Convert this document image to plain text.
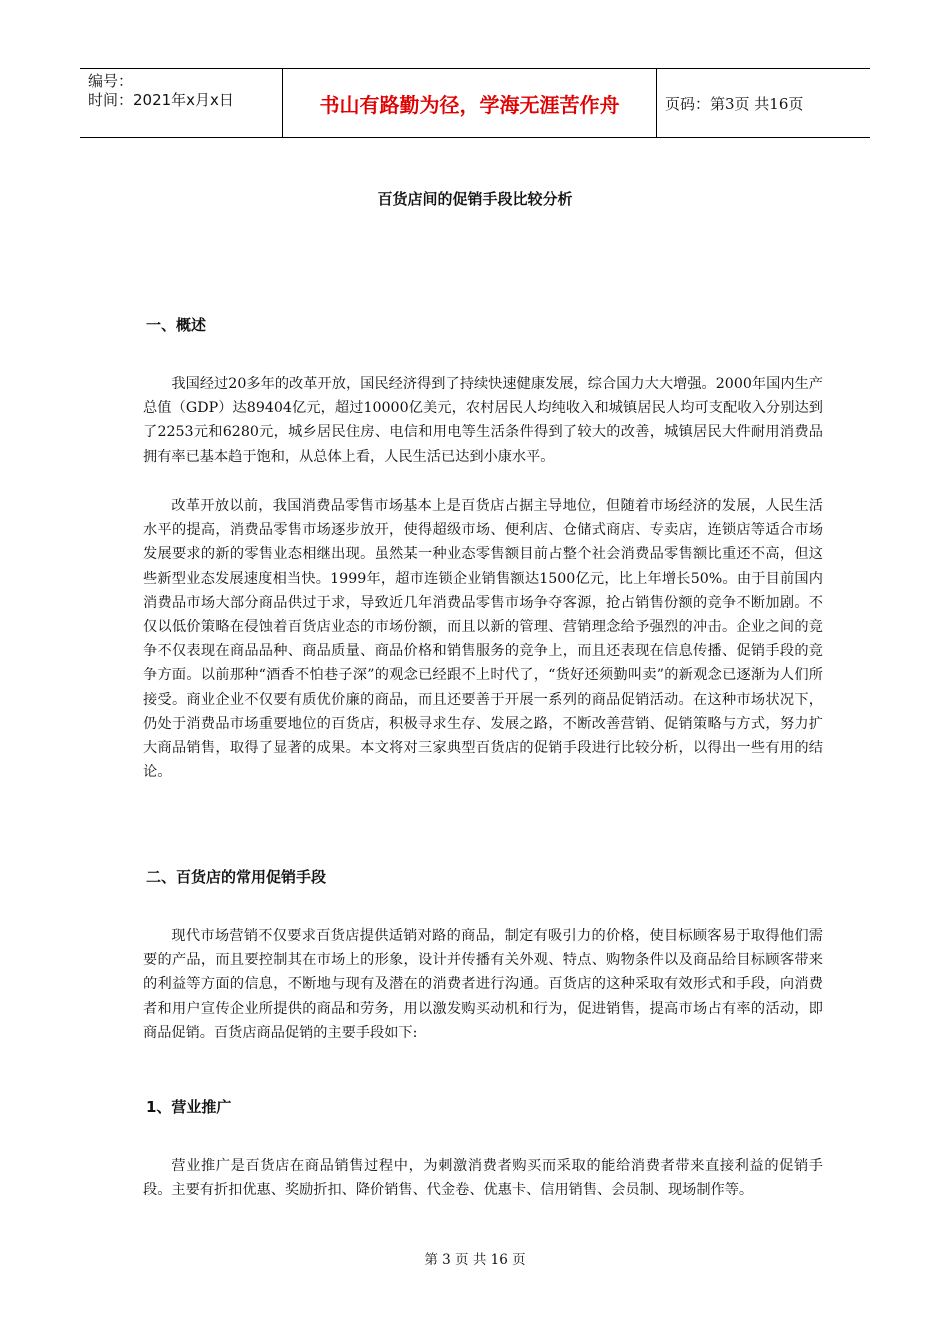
编号：
时间：2021年x月x日	书山有路勤为径，学海无涯苦作舟	页码：第3页 共16页
百货店间的促销手段比较分析
一、概述

我国经过20多年的改革开放，国民经济得到了持续快速健康发展，综合国力大大增强。2000年国内生产总值（GDP）达89404亿元，超过10000亿美元，农村居民人均纯收入和城镇居民人均可支配收入分别达到了2253元和6280元，城乡居民住房、电信和用电等生活条件得到了较大的改善，城镇居民大件耐用消费品拥有率已基本趋于饱和，从总体上看，人民生活已达到小康水平。

改革开放以前，我国消费品零售市场基本上是百货店占据主导地位，但随着市场经济的发展，人民生活水平的提高，消费品零售市场逐步放开，使得超级市场、便利店、仓储式商店、专卖店，连锁店等适合市场发展要求的新的零售业态相继出现。虽然某一种业态零售额目前占整个社会消费品零售额比重还不高，但这些新型业态发展速度相当快。1999年，超市连锁企业销售额达1500亿元，比上年增长50%。由于目前国内消费品市场大部分商品供过于求，导致近几年消费品零售市场争夺客源，抢占销售份额的竞争不断加剧。不仅以低价策略在侵蚀着百货店业态的市场份额，而且以新的管理、营销理念给予强烈的冲击。企业之间的竞争不仅表现在商品品种、商品质量、商品价格和销售服务的竞争上，而且还表现在信息传播、促销手段的竞争方面。以前那种“酒香不怕巷子深”的观念已经跟不上时代了，“货好还须勤叫卖”的新观念已逐渐为人们所接受。商业企业不仅要有质优价廉的商品，而且还要善于开展一系列的商品促销活动。在这种市场状况下，仍处于消费品市场重要地位的百货店，积极寻求生存、发展之路，不断改善营销、促销策略与方式，努力扩大商品销售，取得了显著的成果。本文将对三家典型百货店的促销手段进行比较分析，以得出一些有用的结论。

二、百货店的常用促销手段

现代市场营销不仅要求百货店提供适销对路的商品，制定有吸引力的价格，使目标顾客易于取得他们需要的产品，而且要控制其在市场上的形象，设计并传播有关外观、特点、购物条件以及商品给目标顾客带来的利益等方面的信息，不断地与现有及潜在的消费者进行沟通。百货店的这种采取有效形式和手段，向消费者和用户宣传企业所提供的商品和劳务，用以激发购买动机和行为，促进销售，提高市场占有率的活动，即商品促销。百货店商品促销的主要手段如下:

1、营业推广

营业推广是百货店在商品销售过程中，为刺激消费者购买而采取的能给消费者带来直接利益的促销手段。主要有折扣优惠、奖励折扣、降价销售、代金卷、优惠卡、信用销售、会员制、现场制作等。

第 3 页 共 16 页
